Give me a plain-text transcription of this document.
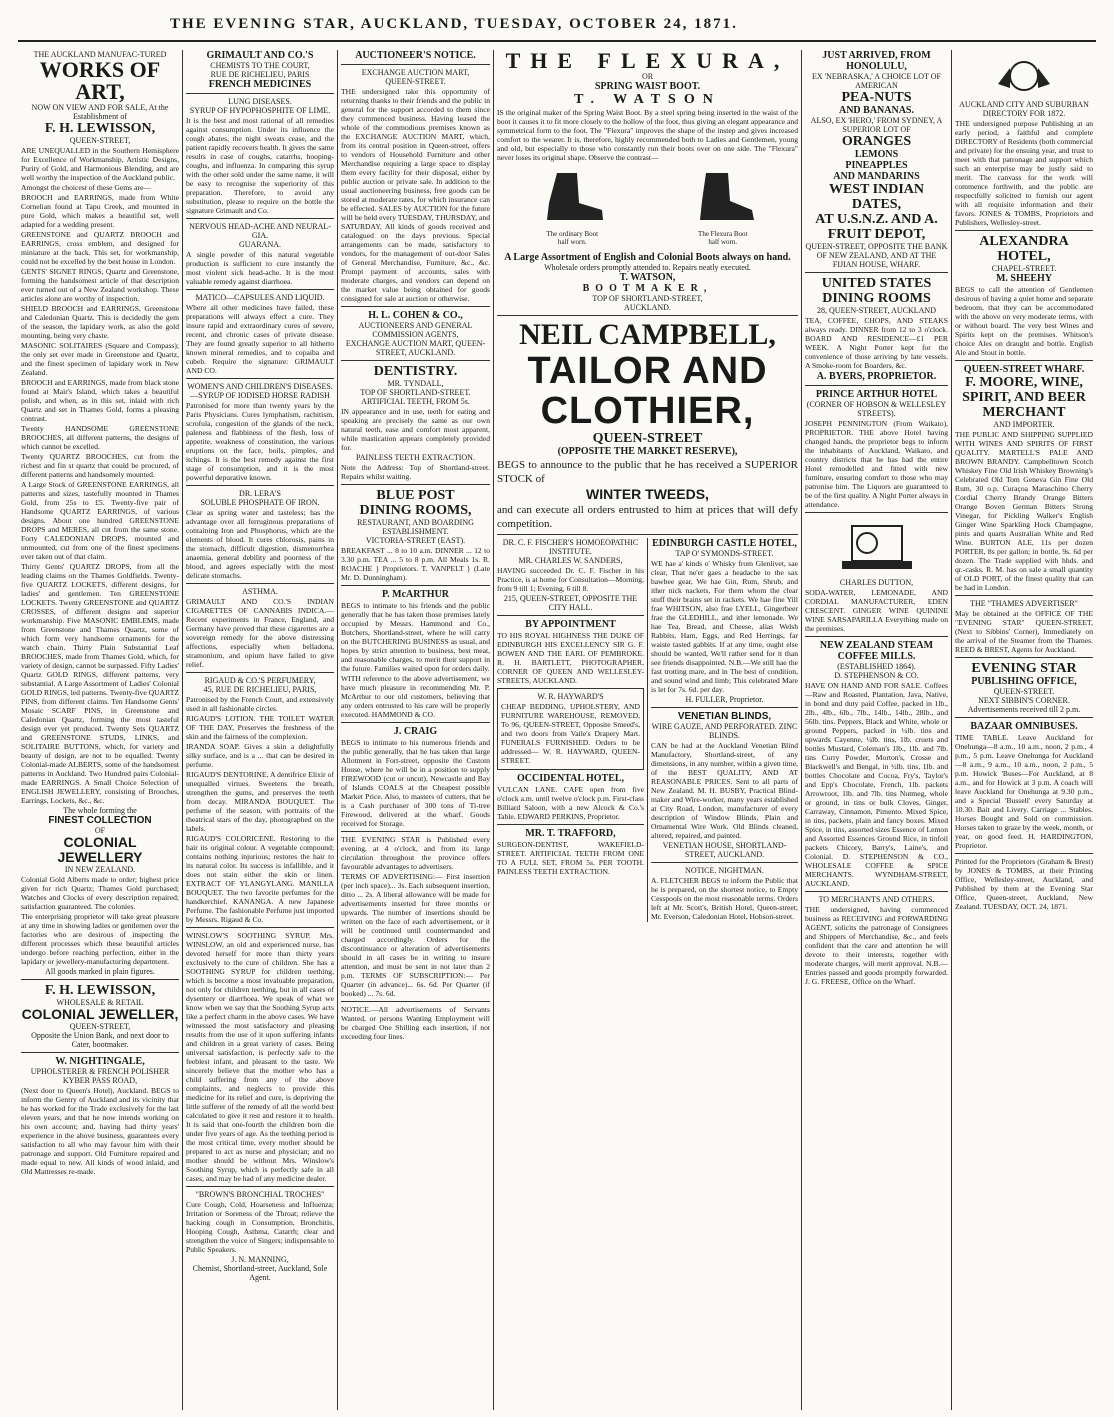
THE EVENING STAR, AUCKLAND, TUESDAY, OCTOBER 24, 1871.
THE AUCKLAND MANUFAC-TURED
WORKS OF ART,
NOW ON VIEW AND FOR SALE, At the Establishment of
F. H. LEWISSON,
QUEEN-STREET,
ARE UNEQUALLED in the Southern Hemisphere for Excellence of Workmanship, Artistic Designs, Purity of Gold, and Harmonious Blending, and are well worthy the inspection of the Auckland public.
Amongst the choicest of these Gems are—
BROOCH and EARRINGS, made from White Cornelian found at Tapu Creek, and mounted in pure Gold, which makes a beautiful set, well adapted for a wedding present.
GREENSTONE and QUARTZ BROOCH and EARRINGS, cross emblem, and designed for miniature at the back. This set, for workmanship, could not be excelled by the best house in London.
GENTS' SIGNET RINGS, Quartz and Greenstone, forming the handsomest article of that description ever turned out of a New Zealand workshop. These articles alone are worthy of inspection.
SHIELD BROOCH and EARRINGS, Greenstone and Caledonian Quartz. This is decidedly the gem of the season, the lapidary work, as also the gold mounting, being very chaste.
MASONIC SOLITAIRES (Square and Compass); the only set ever made in Greenstone and Quartz, and the finest specimen of lapidary work in New Zealand.
BROOCH and EARRINGS, made from black stone found at Mair's Island, which takes a beautiful polish, and when, as in this set, inlaid with rich Quartz and set in Thames Gold, forms a pleasing contrast.
Twenty HANDSOME GREENSTONE BROOCHES, all different patterns, the designs of which cannot be excelled.
Twenty QUARTZ BROOCHES, cut from the richest and fin st quartz that could be procured, of different patterns and handsomely mounted.
A Large Stock of GREENSTONE EARRINGS, all patterns and sizes, tastefully mounted in Thames Gold, from 25s to £5. Twenty-five pair of Handsome QUARTZ EARRINGS, of various designs. About one hundred GREENSTONE DROPS and MERES, all cut from the same stone. Forty CALEDONIAN DROPS, mounted and unmounted, cut from one of the finest specimens ever taken out of that claim.
Thirty Gents' QUARTZ DROPS, from all the leading claims on the Thames Goldfields. Twenty-five QUARTZ LOCKETS, different designs, for ladies' and gentlemen. Ten GREENSTONE LOCKETS. Twenty GREENSTONE and QUARTZ CROSSES, of different designs and superior workmanship. Five MASONIC EMBLEMS, made from Greenstone and Thames Quartz, some of which form very handsome ornaments for the watch chain. Thirty Plain Substantial Leaf BROOCHES, made from Thames Gold, which, for variety of design, cannot be surpassed. Fifty Ladies' Quartz GOLD RINGS, different patterns, very substantial. A Large Assortment of Ladies' Colonial GOLD RINGS, led patterns. Twenty-five QUARTZ PINS, from different claims. Ten Handsome Gents' Mosaic SCARF PINS, in Greenstone and Caledonian Quartz, forming the most tasteful design ever yet produced. Twenty Sets QUARTZ and GREENSTONE STUDS, LINKS, and SOLITAIRE BUTTONS, which, for variety and beauty of design, are not to be equalled. Twenty Colonial-made ALBERTS, some of the handsomest patterns in Auckland. Two Hundred pairs Colonial-made EARRINGS. A Small Choice Selection of ENGLISH JEWELLERY, consisting of Brooches, Earrings, Lockets, &c., &c.
The whole forming the
FINEST COLLECTION
OF
COLONIAL JEWELLERY
IN NEW ZEALAND.
Colonial Gold Alberts made to order; highest price given for rich Quartz; Thames Gold purchased; Watches and Clocks of every description repaired; satisfaction guaranteed. The colonies.
The enterprising proprietor will take great pleasure at any time in showing ladies or gentlemen over the factories who are desirous of inspecting the different processes which these beautiful articles undergo before reaching perfection, either in the lapidary or jewellery-manufacturing department.
All goods marked in plain figures.
F. H. LEWISSON,
WHOLESALE & RETAIL
COLONIAL JEWELLER,
QUEEN-STREET,
Opposite the Union Bank, and next door to Cater, bootmaker.
W. NIGHTINGALE,
UPHOLSTERER & FRENCH POLISHER
KYBER PASS ROAD,
(Next door to Queen's Hotel), Auckland. BEGS to inform the Gentry of Auckland and its vicinity that he has worked for the Trade exclusively for the last eleven years, and that he now intends working on his own account; and, having had thirty years' experience in the above business, guarantees every satisfaction to all who may favour him with their patronage and support. Old Furniture repaired and made equal to new. All kinds of wood inlaid, and Old Mattresses re-made.
GRIMAULT AND CO.'S
CHEMISTS TO THE COURT,
RUE DE RICHELIEU, PARIS
FRENCH MEDICINES
LUNG DISEASES.
SYRUP OF HYPOPHOSPHITE OF LIME.
It is the best and most rational of all remedies against consumption. Under its influence the cough abates, the night sweats cease, and the patient rapidly recovers health. It gives the same results in case of coughs, catarrhs, hooping-coughs, and influenza. In comparing this syrup with the other sold under the same name, it will be easy to recognise the superiority of this preparation. Therefore, to avoid any substitution, please to require on the bottle the signature Grimault and Co.
NERVOUS HEAD-ACHE AND NEURAL-GIA.
GUARANA.
A single powder of this natural vegetable production is sufficient to cure instantly the most violent sick head-ache. It is the most valuable remedy against diarrhoea.
MATICO—CAPSULES AND LIQUID.
Where all other medicines have failed, these preparations will always effect a cure. They insure rapid and extraordinary cures of severe, recent, and chronic cases of private disease. They are found greatly superior to all hitherto known mineral remedies, and to copaiba and cubeb. Require the signature: GRIMAULT AND CO.
WOMEN'S AND CHILDREN'S DISEASES. —SYRUP OF IODISED HORSE RADISH
Patronised for more than twenty years by the Paris Physicians. Cures lymphatism, rachitism, scrofula, congestion of the glands of the neck, paleness and flabbiness of the flesh, loss of appetite, weakness of constitution, the various eruptions on the face, boils, pimples, and itchings. It is the best remedy against the first stage of consumption, and it is the most powerful depurative known.
DR. LERA'S
SOLUBLE PHOSPHATE OF IRON.
Clear as spring water and tasteless; has the advantage over all ferruginous preparations of containing Iron and Phosphorus, which are the elements of blood. It cures chlorosis, pains in the stomach, difficult digestion, dismenorrhea anaemia, general debility and poorness of the blood, and agrees especially with the most delicate stomachs.
ASTHMA.
GRIMAULT AND CO.'S INDIAN CIGARETTES OF CANNABIS INDICA.—Recent experiments in France, England, and Germany have proved that these cigarettes are a sovereign remedy for the above distressing affections, especially when belladona, stramonium, and opium have failed to give relief.
RIGAUD & CO.'S PERFUMERY,
45, RUE DE RICHELIEU, PARIS,
Patronised by the French Court, and extensively used in all fashionable circles.
RIGAUD'S LOTION. THE TOILET WATER OF THE DAY, Preserves the freshness of the skin and the fairness of the complexion.
IRANDA SOAP. Gives a skin a delightfully silky surface, and is a ... that can be desired in perfume.
RIGAUD'S DENTORINE, A dentifrice Elixir of unequalled virtues. Sweetens the breath, strengthen the gums, and preserves the teeth from decay. MIRANDA BOUQUET. The perfume of the season, with portraits of the theatrical stars of the day, photographed on the labels.
RIGAUD'S COLORICENE. Restoring to the hair its original colour. A vegetable compound; contains nothing injurious; restores the hair to its natural color. Its success is infallible, and it does not stain either the skin or linen. EXTRACT OF YLANGYLANG. MANILLA BOUQUET. The two favorite perfumes for the handkerchief. KANANGA. A new Japanese Perfume. The fashionable Perfume just imported by Messrs. Rigaud & Co.
WINSLOW'S SOOTHING SYRUP. Mrs. WINSLOW, an old and experienced nurse, has devoted herself for more than thirty years exclusively to the cure of children. She has a SOOTHING SYRUP for children teething, which is become a most invaluable preparation, not only for children teething, but in all cases of dysentery or diarrhoea. We speak of what we know when we say that the Soothing Syrup acts like a perfect charm in the above cases. We have witnessed the most satisfactory and pleasing results from the use of it upon suffering infants and children in a great variety of cases. Being universal satisfaction, is perfectly safe to the feeblest infant, and pleasant to the taste. We sincerely believe that the mother who has a child suffering from any of the above complaints, and neglects to provide this medicine for its relief and cure, is depriving the little sufferer of the remedy of all the world best calculated to give it rest and restore it to health. It is said that one-fourth the children born die under five years of age. As the teething period is the most critical time, every mother should be prepared to act as nurse and physician; and no mother should be without Mrs. Winslow's Soothing Syrup, which is perfectly safe in all cases, and may be had of any medicine dealer.
"BROWN'S BRONCHIAL TROCHES"
Cure Cough, Cold, Hoarseness and Influenza; Irritation or Soreness of the Throat; relieve the hacking cough in Consumption, Bronchitis, Hooping Cough, Asthma, Catarrh; clear and strengthen the voice of Singers; indispensable to Public Speakers.
J. N. MANNING,
Chemist, Shortland-street, Auckland, Sole Agent.
AUCTIONEER'S NOTICE.
EXCHANGE AUCTION MART,
QUEEN-STREET.
THE undersigned take this opportunity of returning thanks to their friends and the public in general for the support accorded to them since they commenced business. Having leased the whole of the commodious premises known as the EXCHANGE AUCTION MART, which, from its central position in Queen-street, offers to vendors of Household Furniture and other Merchandise requiring a large space to display them every facility for their disposal, either by public auction or private sale. In addition to the usual auctioneering business, free goods can be stored at moderate rates, for which insurance can be effected. SALES by AUCTION for the future will be held every TUESDAY, THURSDAY, and SATURDAY. All kinds of goods received and catalogued on the days previous. Special arrangements can be made, satisfactory to vendors, for the management of out-door Sales of General Merchandise, Furniture, &c., &c. Prompt payment of accounts, sales with moderate charges, and vendors can depend on the market value being obtained for goods consigned for sale at auction or otherwise.
H. L. COHEN & CO.,
AUCTIONEERS AND GENERAL COMMISSION AGENTS,
EXCHANGE AUCTION MART, QUEEN-STREET, AUCKLAND.
DENTISTRY.
MR. TYNDALL,
TOP OF SHORTLAND-STREET.
ARTIFICIAL TEETH, FROM 5s.
IN appearance and in use, teeth for eating and speaking are precisely the same as our own natural teeth, ease and comfort most apparent, while mastication appears completely provided for.
PAINLESS TEETH EXTRACTION.
Note the Address: Top of Shortland-street. Repairs whilst waiting.
BLUE POST
DINING ROOMS,
RESTAURANT, AND BOARDING ESTABLISHMENT.
VICTORIA-STREET (EAST).
BREAKFAST ... 8 to 10 a.m. DINNER ... 12 to 3.30 p.m. TEA ... 5 to 8 p.m. All Meals 1s. R. ROACHE } Proprietors. T. VANPELT } (Late Mr. D. Dunningham).
P. McARTHUR
BEGS to intimate to his friends and the public generally that he has taken those premises lately occupied by Messrs. Hammond and Co., Butchers, Shortland-street, where he will carry on the BUTCHERING BUSINESS as usual, and hopes by strict attention to business, best meat, and reasonable charges, to merit their support in the future. Families waited upon for orders daily.
WITH reference to the above advertisement, we have much pleasure in recommending Mr. P. McArthur to our old customers, believing that any orders entrusted to his care will be properly executed. HAMMOND & CO.
J. CRAIG
BEGS to intimate to his numerous friends and the public generally, that he has taken that large Allotment in Fort-street, opposite the Custom House, where he will be in a position to supply FIREWOOD (cut or uncut), Newcastle and Bay of Islands COALS at the Cheapest possible Market Price. Also, to masters of cutters, that he is a Cash purchaser of 300 tons of Ti-tree Firewood, delivered at the wharf. Goods received for Storage.
THE EVENING STAR is Published every evening, at 4 o'clock, and from its large circulation throughout the province offers favourable advantages to advertisers.
TERMS OF ADVERTISING:— First insertion (per inch space)... 3s. Each subsequent insertion, ditto ... 2s. A liberal allowance will be made for advertisements inserted for three months or upwards. The number of insertions should be written on the face of each advertisement, or it will be continued until countermanded and charged accordingly. Orders for the discontinuance or alteration of advertisements should in all cases be in writing to insure attention, and must be sent in not later than 2 p.m. TERMS OF SUBSCRIPTION:— Per Quarter (in advance)... 6s. 6d. Per Quarter (if booked) ... 7s. 6d.
NOTICE.—All advertisements of Servants Wanted, or persons Wanting Employment will be charged One Shilling each insertion, if not exceeding four lines.
THE FLEXURA,
OR
SPRING WAIST BOOT.
T. WATSON
IS the original maker of the Spring Waist Boot. By a steel spring being inserted in the waist of the boot it causes it to fit more closely to the hollow of the foot, thus giving an elegant appearance and symmetrical form to the foot. The "Flexura" improves the shape of the instep and gives increased comfort to the wearer. It is, therefore, highly recommended both to Ladies and Gentlemen, young and old, but especially to those who constantly run their boots over on one side. The "Flexura" never loses its original shape. Observe the contrast—
The ordinary Boot
half worn.
The Flexura Boot
half worn.
A Large Assortment of English and Colonial Boots always on hand.
Wholesale orders promptly attended to. Repairs neatly executed.
T. WATSON,
BOOTMAKER,
TOP OF SHORTLAND-STREET,
AUCKLAND.
NEIL CAMPBELL,
TAILOR AND CLOTHIER,
QUEEN-STREET
(OPPOSITE THE MARKET RESERVE),
BEGS to announce to the public that he has received a SUPERIOR STOCK of
WINTER TWEEDS,
and can execute all orders entrusted to him at prices that will defy competition.
DR. C. F. FISCHER'S HOMOEOPATHIC
INSTITUTE.
MR. CHARLES W. SANDERS,
HAVING succeeded Dr. C. F. Fischer in his Practice, is at home for Consultation—Morning, from 9 till 1; Evening, 6 till 8.
215, QUEEN-STREET, OPPOSITE THE CITY HALL.
BY APPOINTMENT
TO HIS ROYAL HIGHNESS THE DUKE OF EDINBURGH HIS EXCELLENCY SIR G. F. BOWEN AND THE EARL OF PEMBROKE. R. H. BARTLETT, PHOTOGRAPHER, CORNER OF QUEEN AND WELLESLEY-STREETS, AUCKLAND.
W. R. HAYWARD'S
CHEAP BEDDING, UPHOLSTERY, AND FURNITURE WAREHOUSE, REMOVED, To 96, QUEEN-STREET, Opposite Smeed's, and two doors from Vaile's Drapery Mart. FUNERALS FURNISHED. Orders to be addressed— W. R. HAYWARD, QUEEN-STREET.
OCCIDENTAL HOTEL,
VULCAN LANE. CAFE open from five o'clock a.m. until twelve o'clock p.m. First-class Billiard Saloon, with a new Alcock & Co.'s Table. EDWARD PERKINS, Proprietor.
MR. T. TRAFFORD,
SURGEON-DENTIST, WAKEFIELD-STREET. ARTIFICIAL TEETH FROM ONE TO A FULL SET, FROM 5s. PER TOOTH. PAINLESS TEETH EXTRACTION.
EDINBURGH CASTLE HOTEL,
TAP O' SYMONDS-STREET.
WE hae a' kinds o' Whisky from Glenlivet, sae clear, That ne'er gaes a headache to the sax bawbee gear, We hae Gin, Rum, Shrub, and ither nick nackets, For them whom the clear stuff their brains set in rackets. We hae fine Yill frae WHITSON, also frae LYELL, Gingerbeer frae the GLEDHILL, and ither lemonade. We hae Tea, Bread, and Cheese, alias Welsh Rabbits, Ham, Eggs, and Red Herrings, far waiste tasted gabbits. If at any time, ought else should be wanted, We'll rather send for it than see friends disappointed. N.B.—We still hae the fast trotting mare, and in The best of condition, and sound wind and limb; This celebrated Mare is let for 7s. 6d. per day.
H. FULLER, Proprietor.
VENETIAN BLINDS,
WIRE GAUZE, AND PERFORATED. ZINC BLINDS.
CAN be had at the Auckland Venetian Blind Manufactory, Shortland-street, of any dimensions, in any number, within a given time, of the BEST QUALITY, AND AT REASONABLE PRICES. Sent to all parts of New Zealand. M. H. BUSBY, Practical Blind-maker and Wire-worker, many years established at City Road, London, manufacturer of every description of Window Blinds, Plain and Ornamental Wire Work. Old Blinds cleaned, altered, repaired, and painted.
VENETIAN HOUSE, SHORTLAND-STREET, AUCKLAND.
NOTICE. NIGHTMAN.
A. FLETCHER BEGS to inform the Public that he is prepared, on the shortest notice, to Empty Cesspools on the most reasonable terms. Orders left at Mr. Scott's, British Hotel, Queen-street; Mr. Everson, Caledonian Hotel, Hobson-street.
JUST ARRIVED, FROM HONOLULU,
EX 'NEBRASKA,' A CHOICE LOT OF AMERICAN
PEA-NUTS
AND BANANAS.
ALSO, EX 'HERO,' FROM SYDNEY, A SUPERIOR LOT OF
ORANGES
LEMONS
PINEAPPLES
AND MANDARINS
WEST INDIAN DATES,
AT U.S.N.Z. AND A. FRUIT DEPOT,
QUEEN-STREET, OPPOSITE THE BANK OF NEW ZEALAND, AND AT THE FIJIAN HOUSE, WHARF.
UNITED STATES DINING ROOMS
28, QUEEN-STREET, AUCKLAND
TEA, COFFEE, CHOPS, AND STEAKS always ready. DINNER from 12 to 3 o'clock. BOARD AND RESIDENCE—£1 PER WEEK. A Night Porter kept for the convenience of those arriving by late vessels. A Smoke-room for Boarders, &c.
A. BYERS, PROPRIETOR.
PRINCE ARTHUR HOTEL
(CORNER OF HOBSON & WELLESLEY STREETS).
JOSEPH PENNINGTON (From Waikato), PROPRIETOR. THE above Hotel having changed hands, the proprietor begs to inform the inhabitants of Auckland, Waikato, and country districts that he has had the entire Hotel remodelled and fitted with new furniture, ensuring comfort to those who may patronise him. The Liquors are guaranteed to be of the first quality. A Night Porter always in attendance.
CHARLES DUTTON,
SODA-WATER, LEMONADE, AND CORDIAL MANUFACTURER, EDEN CRESCENT. GINGER WINE QUININE WINE SARSAPARILLA Everything made on the premises.
NEW ZEALAND STEAM COFFEE MILLS.
(ESTABLISHED 1864).
D. STEPHENSON & CO.
HAVE ON HAND AND FOR SALE. Coffees—Raw and Roasted, Plantation, Java, Native, in bond and duty paid Coffee, packed in 1lb., 2lb., 4lb., 6lb., 7lb., 14lb., 14lb., 28lb., and 56lb. tins. Peppers, Black and White, whole or ground Peppers, packed in ¼lb. tins and upwards Cayenne, ¼lb. tins, 1lb. cruets and bottles Mustard, Coleman's 1lb., 1lb. and 7lb. tins Curry Powder, Morton's, Crosse and Blackwell's and Bengal, in ½lb. tins, 1lb. and bottles Chocolate and Cocoa, Fry's, Taylor's and Epp's Chocolate, French, 1lb. packets Arrowroot, 1lb. and 7lb. tins Nutmeg, whole or ground, in tins or bulk Cloves, Ginger, Carraway, Cinnamon, Pimento. Mixed Spice, in tins, packets, plain and fancy boxes. Mixed Spice, in tins, assorted sizes Essence of Lemon and Assorted Essences Ground Rice, in tinfoil packets Chicory, Barry's, Laine's, and Colonial. D. STEPHENSON & CO., WHOLESALE COFFEE & SPICE MERCHANTS. WYNDHAM-STREET, AUCKLAND.
TO MERCHANTS AND OTHERS.
THE undersigned, having commenced business as RECEIVING and FORWARDING AGENT, solicits the patronage of Consignees and Shippers of Merchandise, &c., and feels confident that the care and attention he will devote to their interests, together with moderate charges, will merit approval. N.B.—Entries passed and goods promptly forwarded. J. G. FREESE, Office on the Wharf.
AUCKLAND CITY AND SUBURBAN DIRECTORY FOR 1872.
THE undersigned purpose Publishing at an early period, a faithful and complete DIRECTORY of Residents (both commercial and private) for the ensuing year, and trust to meet with that patronage and support which such an enterprise may be justly said to merit. The canvass for the work will commence forthwith, and the public are respectfully solicited to furnish our agent with all requisite information and their favors. JONES & TOMBS, Proprietors and Publishers, Wellesley-street.
ALEXANDRA HOTEL,
CHAPEL-STREET.
M. SHEEHY
BEGS to call the attention of Gentlemen desirous of having a quiet home and separate bedroom, that they can be accommodated with the above on very moderate terms, with or without board. The very best Wines and Spirits kept on the premises. Whitson's choice Ales on draught and bottle. English Ale and Stout in bottle.
QUEEN-STREET WHARF.
F. MOORE, WINE, SPIRIT, AND BEER MERCHANT
AND IMPORTER.
THE PUBLIC AND SHIPPING SUPPLIED WITH WINES AND SPIRITS OF FIRST QUALITY. MARTELL'S PALE AND BROWN BRANDY. Campbelltown Scotch Whiskey Fine Old Irish Whiskey Browning's Celebrated Old Tom Geneva Gin Fine Old Rum, 30 o.p. Curaçoa Maraschino Cherry Cordial Cherry Brandy Orange Bitters Orange Boven German Bitters Strong Vinegar, for Pickling Walker's English Ginger Wine Sparkling Hock Champagne, pints and quarts Australian White and Red Wine. BURTON ALE, 11s per dozen PORTER, 8s per gallon; in bottle, 9s. 6d per dozen. The Trade supplied with hhds. and qr.-casks. R. M. has on sale a small quantity of OLD PORT, of the finest quality that can be had in London.
THE "THAMES ADVERTISER"
May be obtained at the OFFICE OF THE "EVENING STAR" QUEEN-STREET, (Next to Sibbins' Corner), Immediately on the arrival of the Steamer from the Thames. REED & BREST, Agents for Auckland.
EVENING STAR
PUBLISHING OFFICE,
QUEEN-STREET.
NEXT SIBBIN'S CORNER.
Advertisements received till 2 p.m.
BAZAAR OMNIBUSES.
TIME TABLE. Leave Auckland for Onehunga—8 a.m., 10 a.m., noon, 2 p.m., 4 p.m., 5 p.m. Leave Onehunga for Auckland—8 a.m., 9 a.m., 10 a.m., noon, 2 p.m., 5 p.m. Howick 'Buses—For Auckland, at 8 a.m., and for Howick at 3 p.m. A coach will leave Auckland for Onehunga at 9.30 p.m., and a Special 'Bussell' every Saturday at 10.30. Bait and Livery. Carriage ... Stables. Horses Bought and Sold on commission. Horses taken to graze by the week, month, or year, on good feed. H. HARDINGTON, Proprietor.
Printed for the Proprietors (Graham & Brest) by JONES & TOMBS, at their Printing Office, Wellesley-street, Auckland, and Published by them at the Evening Star Office, Queen-street, Auckland, New Zealand. TUESDAY, OCT. 24, 1871.
